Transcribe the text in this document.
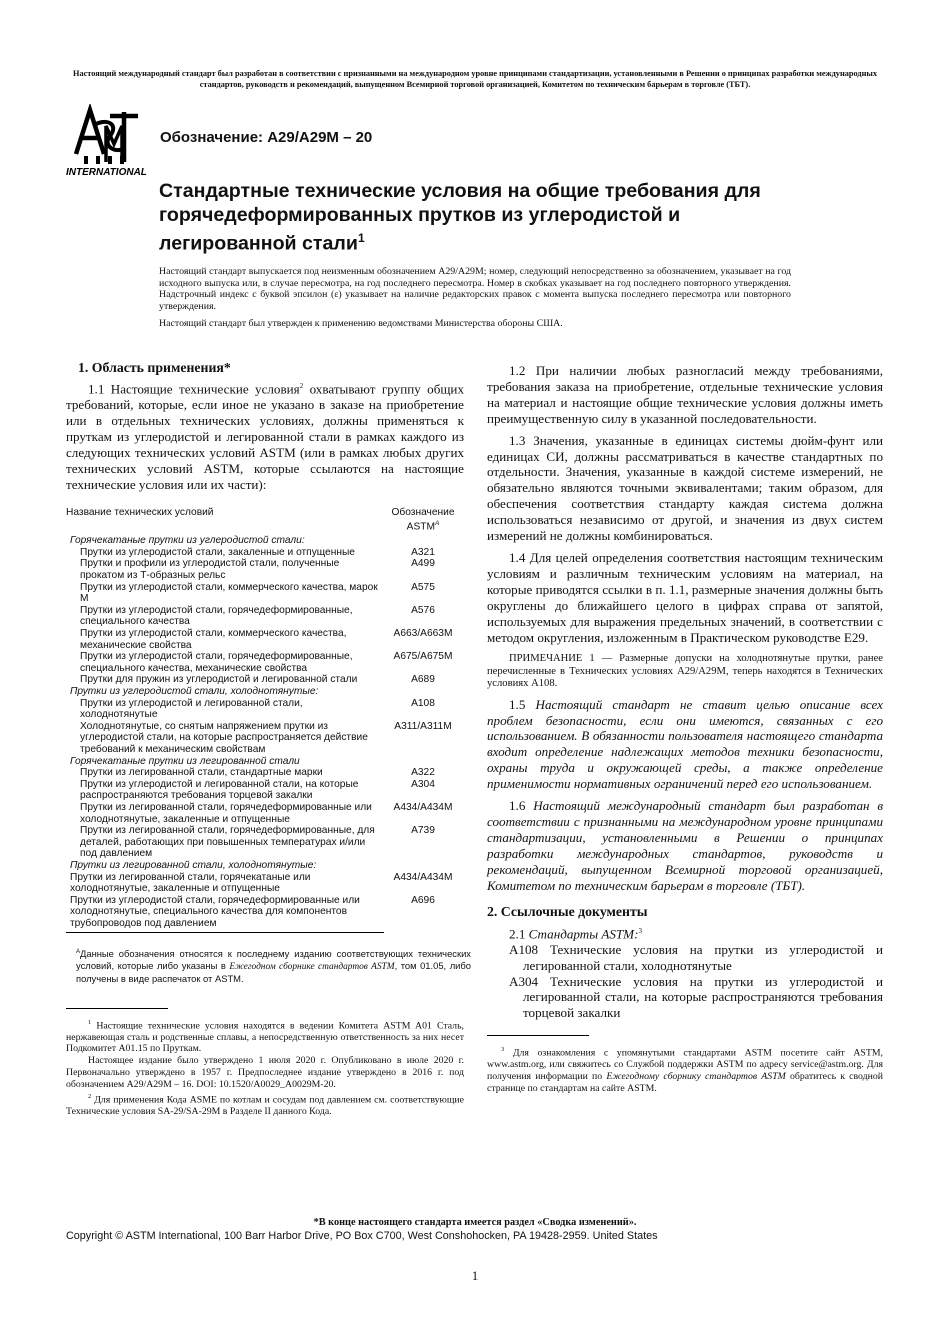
Настоящий международный стандарт был разработан в соответствии с признанными на международном уровне принципами стандартизации, установленными в Решении о принципах разработки международных стандартов, руководств и рекомендаций, выпущенном Всемирной торговой организацией, Комитетом по техническим барьерам в торговле (ТБТ).
INTERNATIONAL
Обозначение: A29/A29M – 20
Стандартные технические условия на общие требования для горячедеформированных прутков из углеродистой и легированной стали$^1$

Настоящий стандарт выпускается под неизменным обозначением A29/A29M; номер, следующий непосредственно за обозначением, указывает на год исходного выпуска или, в случае пересмотра, на год последнего пересмотра. Номер в скобках указывает на год последнего повторного утверждения. Надстрочный индекс с буквой эпсилон (ε) указывает на наличие редакторских правок с момента выпуска последнего пересмотра или повторного утверждения.

Настоящий стандарт был утвержден к применению ведомствами Министерства обороны США.

1. Область применения*

1.1 Настоящие технические условия$^2$ охватывают группу общих требований, которые, если иное не указано в заказе на приобретение или в отдельных технических условиях, должны применяться к пруткам из углеродистой и легированной стали в рамках каждого из следующих технических условий ASTM (или в рамках любых других технических условий ASTM, которые ссылаются на настоящие технические условия или их части):

Название технических условий	Обозначение $ASTM^A$
Горячекатаные прутки из углеродистой стали:	
Прутки из углеродистой стали, закаленные и отпущенные	A321
Прутки и профили из углеродистой стали, полученные прокатом из Т-образных рельс	A499
Прутки из углеродистой стали, коммерческого качества, марок М	A575
Прутки из углеродистой стали, горячедеформированные, специального качества	A576
Прутки из углеродистой стали, коммерческого качества, механические свойства	A663/A663M
Прутки из углеродистой стали, горячедеформированные, специального качества, механические свойства	A675/A675M
Прутки для пружин из углеродистой и легированной стали	A689
Прутки из углеродистой стали, холоднотянутые:	
Прутки из углеродистой и легированной стали, холоднотянутые	A108
Холоднотянутые, со снятым напряжением прутки из углеродистой стали, на которые распространяется действие требований к механическим свойствам	A311/A311M
Горячекатаные прутки из легированной стали	
Прутки из легированной стали, стандартные марки	A322
Прутки из углеродистой и легированной стали, на которые распространяются требования торцевой закалки	A304
Прутки из легированной стали, горячедеформированные или холоднотянутые, закаленные и отпущенные	A434/A434M
Прутки из легированной стали, горячедеформированные, для деталей, работающих при повышенных температурах и/или под давлением	A739
Прутки из легированной стали, холоднотянутые:	
Прутки из легированной стали, горячекатаные или холоднотянутые, закаленные и отпущенные	A434/A434M
Прутки из углеродистой стали, горячедеформированные или холоднотянутые, специального качества для компонентов трубопроводов под давлением	A696
$^A$Данные обозначения относятся к последнему изданию соответствующих технических условий, которые либо указаны в Ежегодном сборнике стандартов ASTM, том 01.05, либо получены в виде распечаток от ASTM.

$^1$ Настоящие технические условия находятся в ведении Комитета ASTM A01 Сталь, нержавеющая сталь и родственные сплавы, а непосредственную ответственность за них несет Подкомитет A01.15 по Пруткам.

Настоящее издание было утверждено 1 июля 2020 г. Опубликовано в июле 2020 г. Первоначально утверждено в 1957 г. Предпоследнее издание утверждено в 2016 г. под обозначением A29/A29M – 16. DOI: 10.1520/A0029_A0029M-20.

$^2$ Для применения Кода ASME по котлам и сосудам под давлением см. соответствующие Технические условия SA-29/SA-29M в Разделе II данного Кода.

1.2 При наличии любых разногласий между требованиями, требования заказа на приобретение, отдельные технические условия на материал и настоящие общие технические условия должны иметь преимущественную силу в указанной последовательности.

1.3 Значения, указанные в единицах системы дюйм-фунт или единицах СИ, должны рассматриваться в качестве стандартных по отдельности. Значения, указанные в каждой системе измерений, не обязательно являются точными эквивалентами; таким образом, для обеспечения соответствия стандарту каждая система должна использоваться независимо от другой, и значения из двух систем измерений не должны комбинироваться.

1.4 Для целей определения соответствия настоящим техническим условиям и различным техническим условиям на материал, на которые приводятся ссылки в п. 1.1, размерные значения должны быть округлены до ближайшего целого в цифрах справа от запятой, используемых для выражения предельных значений, в соответствии с методом округления, изложенным в Практическом руководстве E29.

ПРИМЕЧАНИЕ 1 — Размерные допуски на холоднотянутые прутки, ранее перечисленные в Технических условиях A29/A29M, теперь находятся в Технических условиях A108.

1.5 Настоящий стандарт не ставит целью описание всех проблем безопасности, если они имеются, связанных с его использованием. В обязанности пользователя настоящего стандарта входит определение надлежащих методов техники безопасности, охраны труда и окружающей среды, а также определение применимости нормативных ограничений перед его использованием.

1.6 Настоящий международный стандарт был разработан в соответствии с признанными на международном уровне принципами стандартизации, установленными в Решении о принципах разработки международных стандартов, руководств и рекомендаций, выпущенном Всемирной торговой организацией, Комитетом по техническим барьерам в торговле (ТБТ).

2. Ссылочные документы

2.1 Стандарты ASTM:$^3$

A108 Технические условия на прутки из углеродистой и легированной стали, холоднотянутые

A304 Технические условия на прутки из углеродистой и легированной стали, на которые распространяются требования торцевой закалки

$^3$ Для ознакомления с упомянутыми стандартами ASTM посетите сайт ASTM, www.astm.org, или свяжитесь со Службой поддержки ASTM по адресу service@astm.org. Для получения информации по Ежегодному сборнику стандартов ASTM обратитесь к сводной странице по стандартам на сайте ASTM.

*В конце настоящего стандарта имеется раздел «Сводка изменений».
Copyright © ASTM International, 100 Barr Harbor Drive, PO Box C700, West Conshohocken, PA 19428-2959. United States
1
